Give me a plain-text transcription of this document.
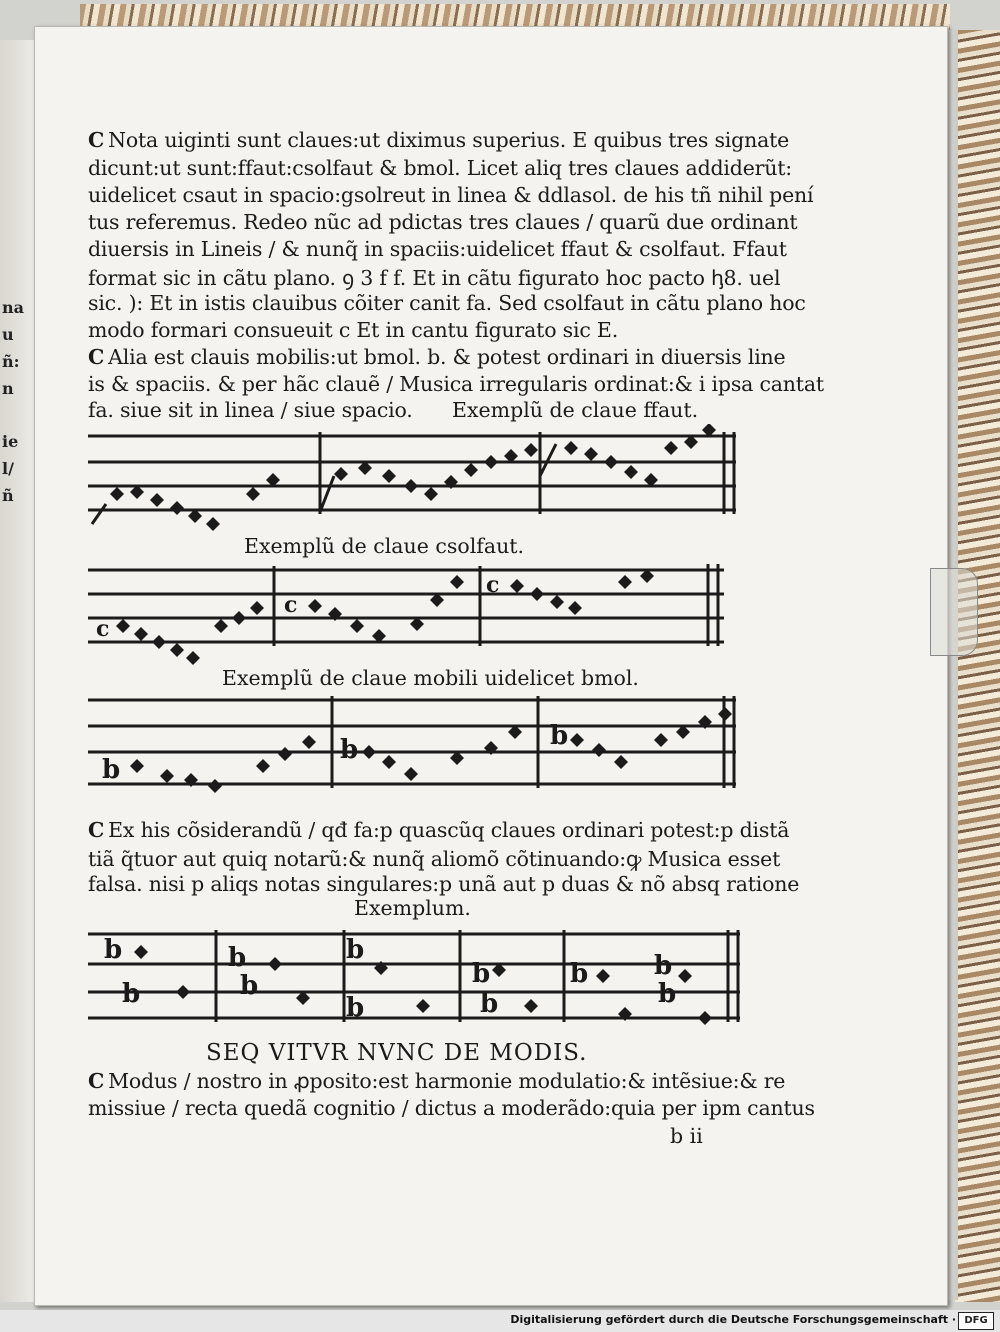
na
u
ñ:
n
ie
l/
ñ
C Nota uiginti sunt claues:ut diximus superius. E quibus tres signate
dicunt:ut sunt:ffaut:csolfaut & bmol. Licet aliq tres claues addiderũt:
uidelicet csaut in spacio:gsolreut in linea & ddlasol. de his tñ nihil pení
tus referemus. Redeo nũc ad pdictas tres claues / quarũ due ordinant
diuersis in Lineis / & nunq̃ in spaciis:uidelicet ffaut & csolfaut. Ffaut
format sic in cãtu plano. ꝯ 3 f f. Et in cãtu figurato hoc pacto ꞕ8. uel
sic. ): Et in istis clauibus cõiter canit fa. Sed csolfaut in cãtu plano hoc
modo formari consueuit c Et in cantu figurato sic E.
C Alia est clauis mobilis:ut bmol. b. & potest ordinari in diuersis line
is & spaciis. & per hãc clauẽ / Musica irregularis ordinat:& i ipsa cantat
fa. siue sit in linea / siue spacio. Exemplũ de claue ffaut.
Exemplũ de claue csolfaut.
c
c
c
Exemplũ de claue mobili uidelicet bmol.
b
b	b
C Ex his cõsiderandũ / qđ fa:p quascũq claues ordinari potest:p distã
tiã q̃tuor aut quiq notarũ:& nunq̃ aliomõ cõtinuando:ꝙ Musica esset
falsa. nisi p aliqs notas singulares:p unã aut p duas & nõ absq ratione
Exemplum.
b
b
b
b
b
b
b
b
b	b
b
SEQ VITVR NVNC DE MODIS.
C Modus / nostro in ꝓposito:est harmonie modulatio:& intẽsiue:& re
missiue / recta quedã cognitio / dictus a moderãdo:quia per ipm cantus
b ii
Digitalisierung gefördert durch die Deutsche Forschungsgemeinschaft · DFG
